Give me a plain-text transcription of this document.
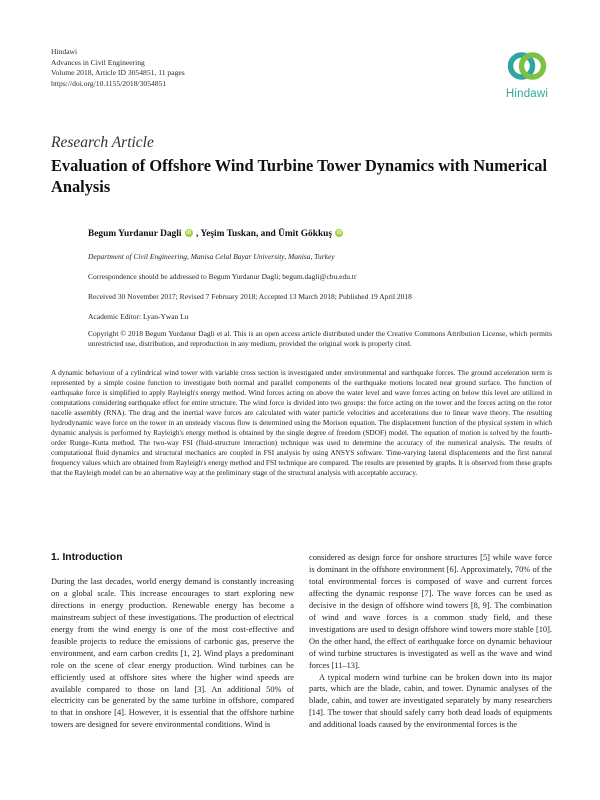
Hindawi
Advances in Civil Engineering
Volume 2018, Article ID 3054851, 11 pages
https://doi.org/10.1155/2018/3054851
Hindawi
Research Article
Evaluation of Offshore Wind Turbine Tower Dynamics with Numerical Analysis
Begum Yurdanur Dagli iD , Yeşim Tuskan, and Ümit Gökkuş iD
Department of Civil Engineering, Manisa Celal Bayar University, Manisa, Turkey
Correspondence should be addressed to Begum Yurdanur Dagli; begum.dagli@cbu.edu.tr
Received 30 November 2017; Revised 7 February 2018; Accepted 13 March 2018; Published 19 April 2018
Academic Editor: Lyan-Ywan Lu
Copyright © 2018 Begum Yurdanur Dagli et al. This is an open access article distributed under the Creative Commons Attribution License, which permits unrestricted use, distribution, and reproduction in any medium, provided the original work is properly cited.

A dynamic behaviour of a cylindrical wind tower with variable cross section is investigated under environmental and earthquake forces. The ground acceleration term is represented by a simple cosine function to investigate both normal and parallel components of the earthquake motions located near ground surface. The function of earthquake force is simplified to apply Rayleigh's energy method. Wind forces acting on above the water level and wave forces acting on below this level are utilized in computations considering earthquake effect for entire structure. The wind force is divided into two groups: the force acting on the tower and the forces acting on the rotor nacelle assembly (RNA). The drag and the inertial wave forces are calculated with water particle velocities and accelerations due to linear wave theory. The resulting hydrodynamic wave force on the tower in an unsteady viscous flow is determined using the Morison equation. The displacement function of the physical system in which dynamic analysis is performed by Rayleigh's energy method is obtained by the single degree of freedom (SDOF) model. The equation of motion is solved by the fourth-order Runge–Kutta method. The two-way FSI (fluid-structure interaction) technique was used to determine the accuracy of the numerical analysis. The results of computational fluid dynamics and structural mechanics are coupled in FSI analysis by using ANSYS software. Time-varying lateral displacements and the first natural frequency values which are obtained from Rayleigh's energy method and FSI technique are compared. The results are presented by graphs. It is observed from these graphs that the Rayleigh model can be an alternative way at the preliminary stage of the structural analysis with acceptable accuracy.

1. Introduction

During the last decades, world energy demand is constantly increasing on a global scale. This increase encourages to start exploring new directions in energy production. Renewable energy has become a mainstream subject of these investigations. The production of electrical energy from the wind energy is one of the most cost-effective and feasible projects to reduce the emissions of carbonic gas, preserve the environment, and earn carbon credits [1, 2]. Wind plays a predominant role on the scene of clear energy production. Wind turbines can be efficiently used at offshore sites where the higher wind speeds are available compared to those on land [3]. An additional 50% of electricity can be generated by the same turbine in offshore, compared to that in onshore [4]. However, it is essential that the offshore turbine towers are designed for severe environmental conditions. Wind is

considered as design force for onshore structures [5] while wave force is dominant in the offshore environment [6]. Approximately, 70% of the total environmental forces is composed of wave and current forces affecting the dynamic response [7]. The wave forces can be used as decisive in the design of offshore wind towers [8, 9]. The combination of wind and wave forces is a common study field, and these investigations are used to design offshore wind towers more stable [10]. On the other hand, the effect of earthquake force on dynamic behaviour of wind turbine structures is investigated as well as the wave and wind forces [11–13].

A typical modern wind turbine can be broken down into its major parts, which are the blade, cabin, and tower. Dynamic analyses of the blade, cabin, and tower are investigated separately by many researchers [14]. The tower that should safely carry both dead loads of equipments and additional loads caused by the environmental forces is the
